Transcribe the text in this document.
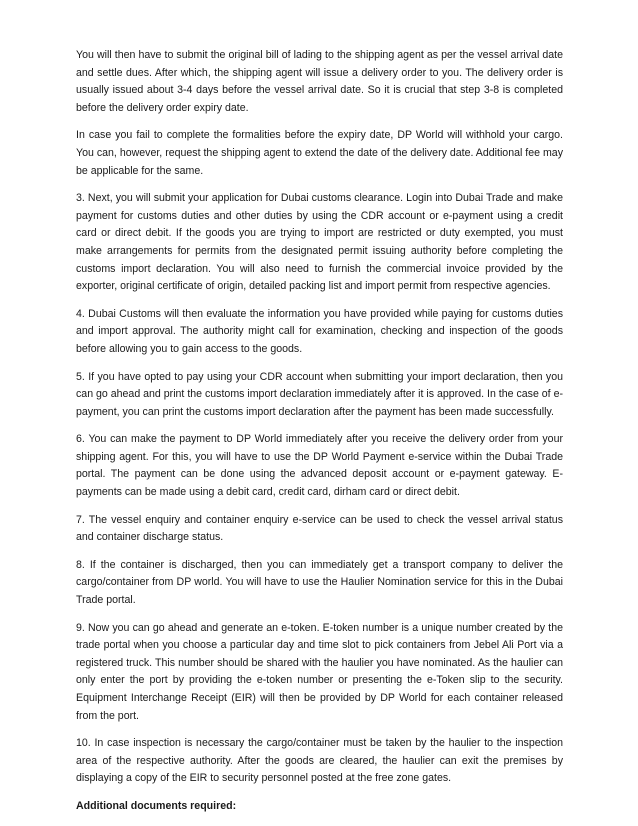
You will then have to submit the original bill of lading to the shipping agent as per the vessel arrival date and settle dues. After which, the shipping agent will issue a delivery order to you. The delivery order is usually issued about 3-4 days before the vessel arrival date. So it is crucial that step 3-8 is completed before the delivery order expiry date.

In case you fail to complete the formalities before the expiry date, DP World will withhold your cargo. You can, however, request the shipping agent to extend the date of the delivery date. Additional fee may be applicable for the same.

3. Next, you will submit your application for Dubai customs clearance. Login into Dubai Trade and make payment for customs duties and other duties by using the CDR account or e-payment using a credit card or direct debit. If the goods you are trying to import are restricted or duty exempted, you must make arrangements for permits from the designated permit issuing authority before completing the customs import declaration. You will also need to furnish the commercial invoice provided by the exporter, original certificate of origin, detailed packing list and import permit from respective agencies.

4. Dubai Customs will then evaluate the information you have provided while paying for customs duties and import approval. The authority might call for examination, checking and inspection of the goods before allowing you to gain access to the goods.

5. If you have opted to pay using your CDR account when submitting your import declaration, then you can go ahead and print the customs import declaration immediately after it is approved. In the case of e-payment, you can print the customs import declaration after the payment has been made successfully.

6. You can make the payment to DP World immediately after you receive the delivery order from your shipping agent. For this, you will have to use the DP World Payment e-service within the Dubai Trade portal. The payment can be done using the advanced deposit account or e-payment gateway. E-payments can be made using a debit card, credit card, dirham card or direct debit.

7. The vessel enquiry and container enquiry e-service can be used to check the vessel arrival status and container discharge status.

8. If the container is discharged, then you can immediately get a transport company to deliver the cargo/container from DP world. You will have to use the Haulier Nomination service for this in the Dubai Trade portal.

9. Now you can go ahead and generate an e-token. E-token number is a unique number created by the trade portal when you choose a particular day and time slot to pick containers from Jebel Ali Port via a registered truck. This number should be shared with the haulier you have nominated. As the haulier can only enter the port by providing the e-token number or presenting the e-Token slip to the security. Equipment Interchange Receipt (EIR) will then be provided by DP World for each container released from the port.

10. In case inspection is necessary the cargo/container must be taken by the haulier to the inspection area of the respective authority. After the goods are cleared, the haulier can exit the premises by displaying a copy of the EIR to security personnel posted at the free zone gates.

Additional documents required:
